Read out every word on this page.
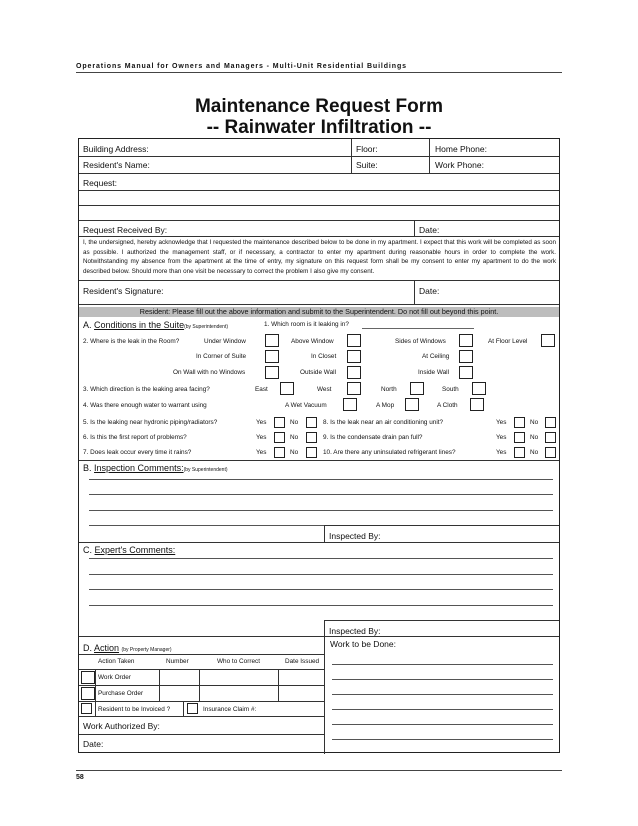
Operations Manual for Owners and Managers - Multi-Unit Residential Buildings
Maintenance Request Form
-- Rainwater Infiltration --
Building Address:	Floor:	Home Phone:
Resident's Name:	Suite:	Work Phone:
Request:
Request Received By:	Date:
I, the undersigned, hereby acknowledge that I requested the maintenance described below to be done in my apartment. I expect that this work will be completed as soon as possible. I authorized the management staff, or if necessary, a contractor to enter my apartment during reasonable hours in order to complete the work. Notwithstanding my absence from the apartment at the time of entry, my signature on this request form shall be my consent to enter my apartment to do the work described below. Should more than one visit be necessary to correct the problem I also give my consent.
Resident's Signature:	Date:
Resident: Please fill out the above information and submit to the Superintendent. Do not fill out beyond this point.
A. Conditions in the Suite(by Superintendent)	1. Which room is it leaking in?
2. Where is the leak in the Room?	Under Window	Above Window	Sides of Windows	At Floor Level
In Corner of Suite	In Closet	At Ceiling
On Wall with no Windows	Outside Wall	Inside Wall
3. Which direction is the leaking area facing?	East	West	North	South
4. Was there enough water to warrant using	A Wet Vacuum	A Mop	A Cloth
5. Is the leaking near hydronic piping/radiators?	Yes	No	8. Is the leak near an air conditioning unit?	Yes	No
6. Is this the first report of problems?	Yes	No	9. Is the condensate drain pan full?	Yes	No
7. Does leak occur every time it rains?	Yes	No	10. Are there any uninsulated refrigerant lines?	Yes	No
B. Inspection Comments:(by Superintendent)
Inspected By:
C. Expert's Comments:
Inspected By:
D. Action (by Property Manager)
Work to be Done:
Action Taken	Number	Who to Correct	Date Issued
Work Order
Purchase Order
Resident to be Invoiced ?	Insurance Claim #:
Work Authorized By:
Date:
58
